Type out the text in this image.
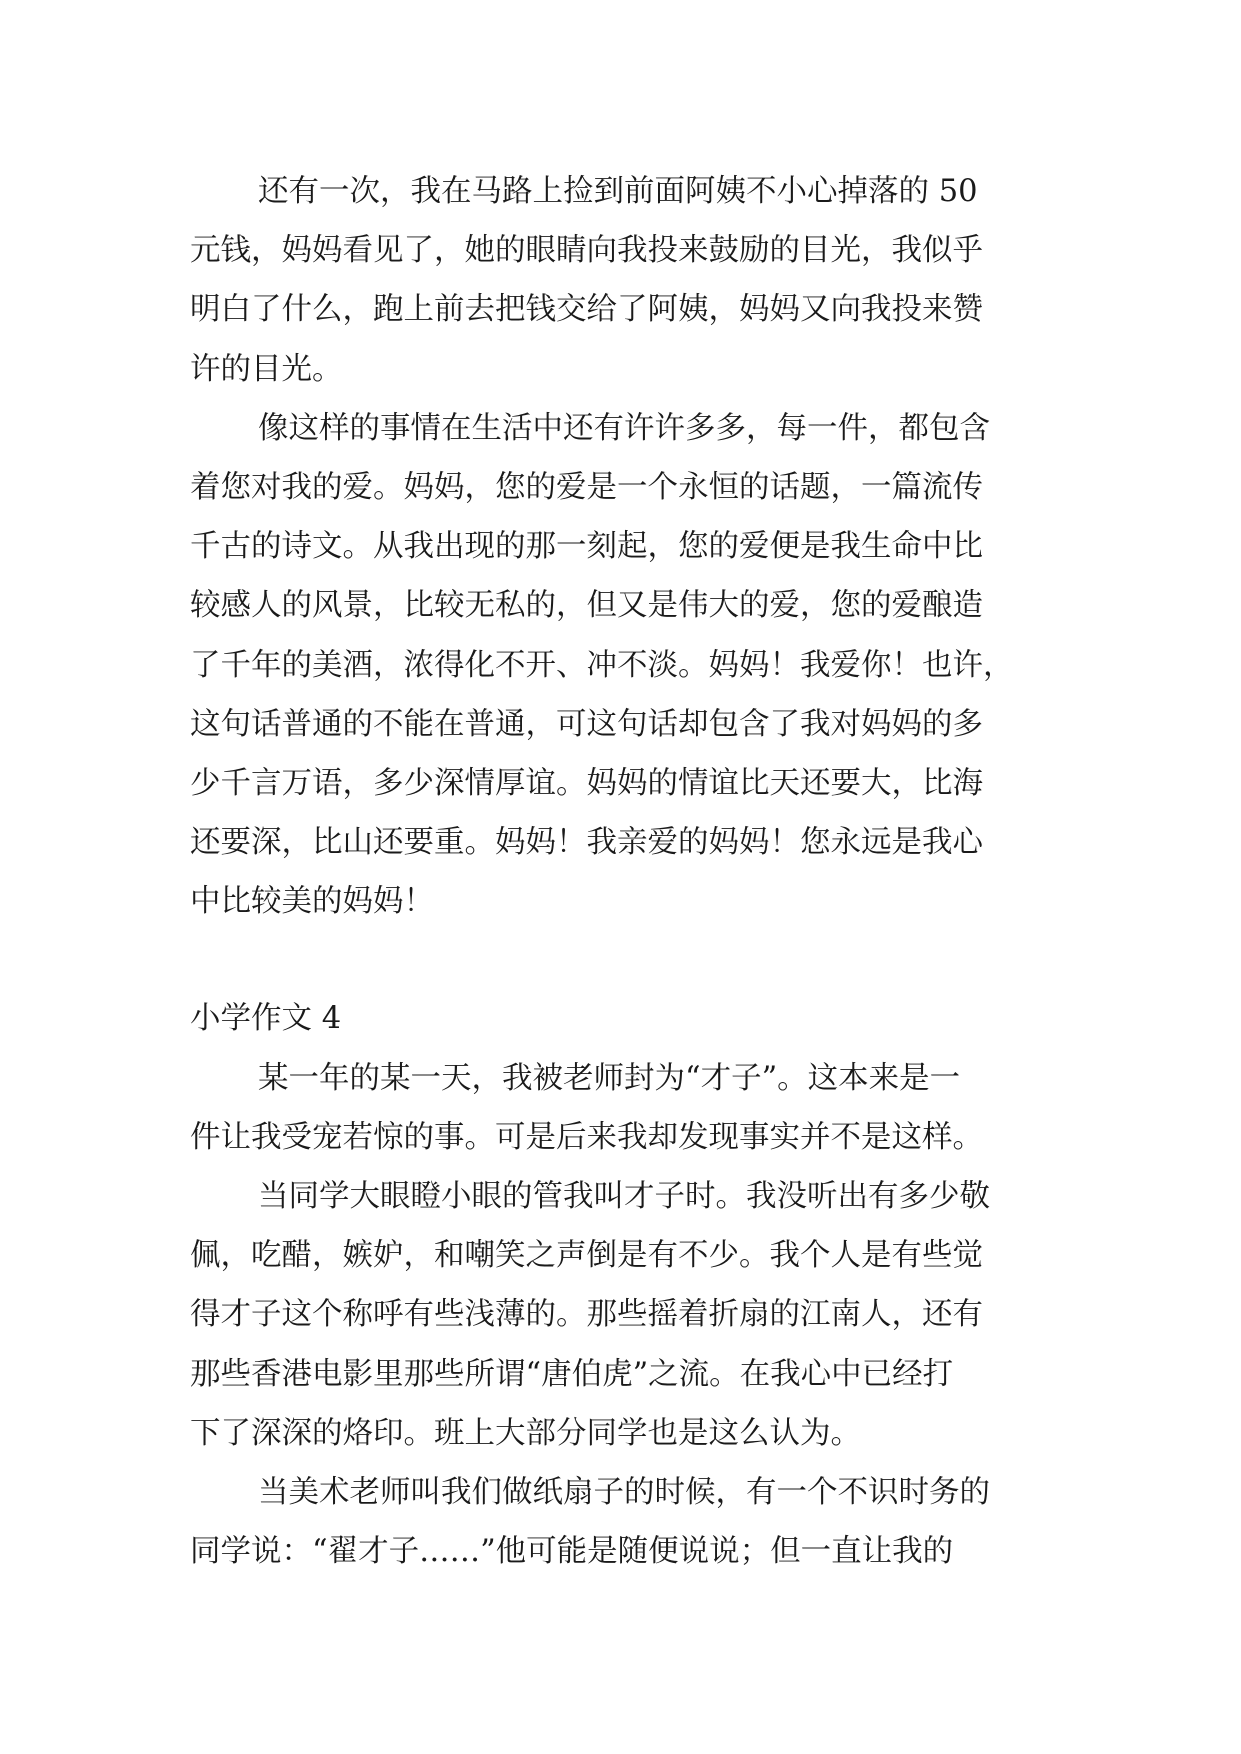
还有一次，我在马路上捡到前面阿姨不小心掉落的 50
元钱，妈妈看见了，她的眼睛向我投来鼓励的目光，我似乎
明白了什么，跑上前去把钱交给了阿姨，妈妈又向我投来赞
许的目光。
像这样的事情在生活中还有许许多多，每一件，都包含
着您对我的爱。妈妈，您的爱是一个永恒的话题，一篇流传
千古的诗文。从我出现的那一刻起，您的爱便是我生命中比
较感人的风景，比较无私的，但又是伟大的爱，您的爱酿造
了千年的美酒，浓得化不开、冲不淡。妈妈！我爱你！也许，
这句话普通的不能在普通，可这句话却包含了我对妈妈的多
少千言万语，多少深情厚谊。妈妈的情谊比天还要大，比海
还要深，比山还要重。妈妈！我亲爱的妈妈！您永远是我心
中比较美的妈妈！
小学作文 4
某一年的某一天，我被老师封为“才子”。这本来是一
件让我受宠若惊的事。可是后来我却发现事实并不是这样。
当同学大眼瞪小眼的管我叫才子时。我没听出有多少敬
佩，吃醋，嫉妒，和嘲笑之声倒是有不少。我个人是有些觉
得才子这个称呼有些浅薄的。那些摇着折扇的江南人，还有
那些香港电影里那些所谓“唐伯虎”之流。在我心中已经打
下了深深的烙印。班上大部分同学也是这么认为。
当美术老师叫我们做纸扇子的时候，有一个不识时务的
同学说：“翟才子……”他可能是随便说说；但一直让我的
